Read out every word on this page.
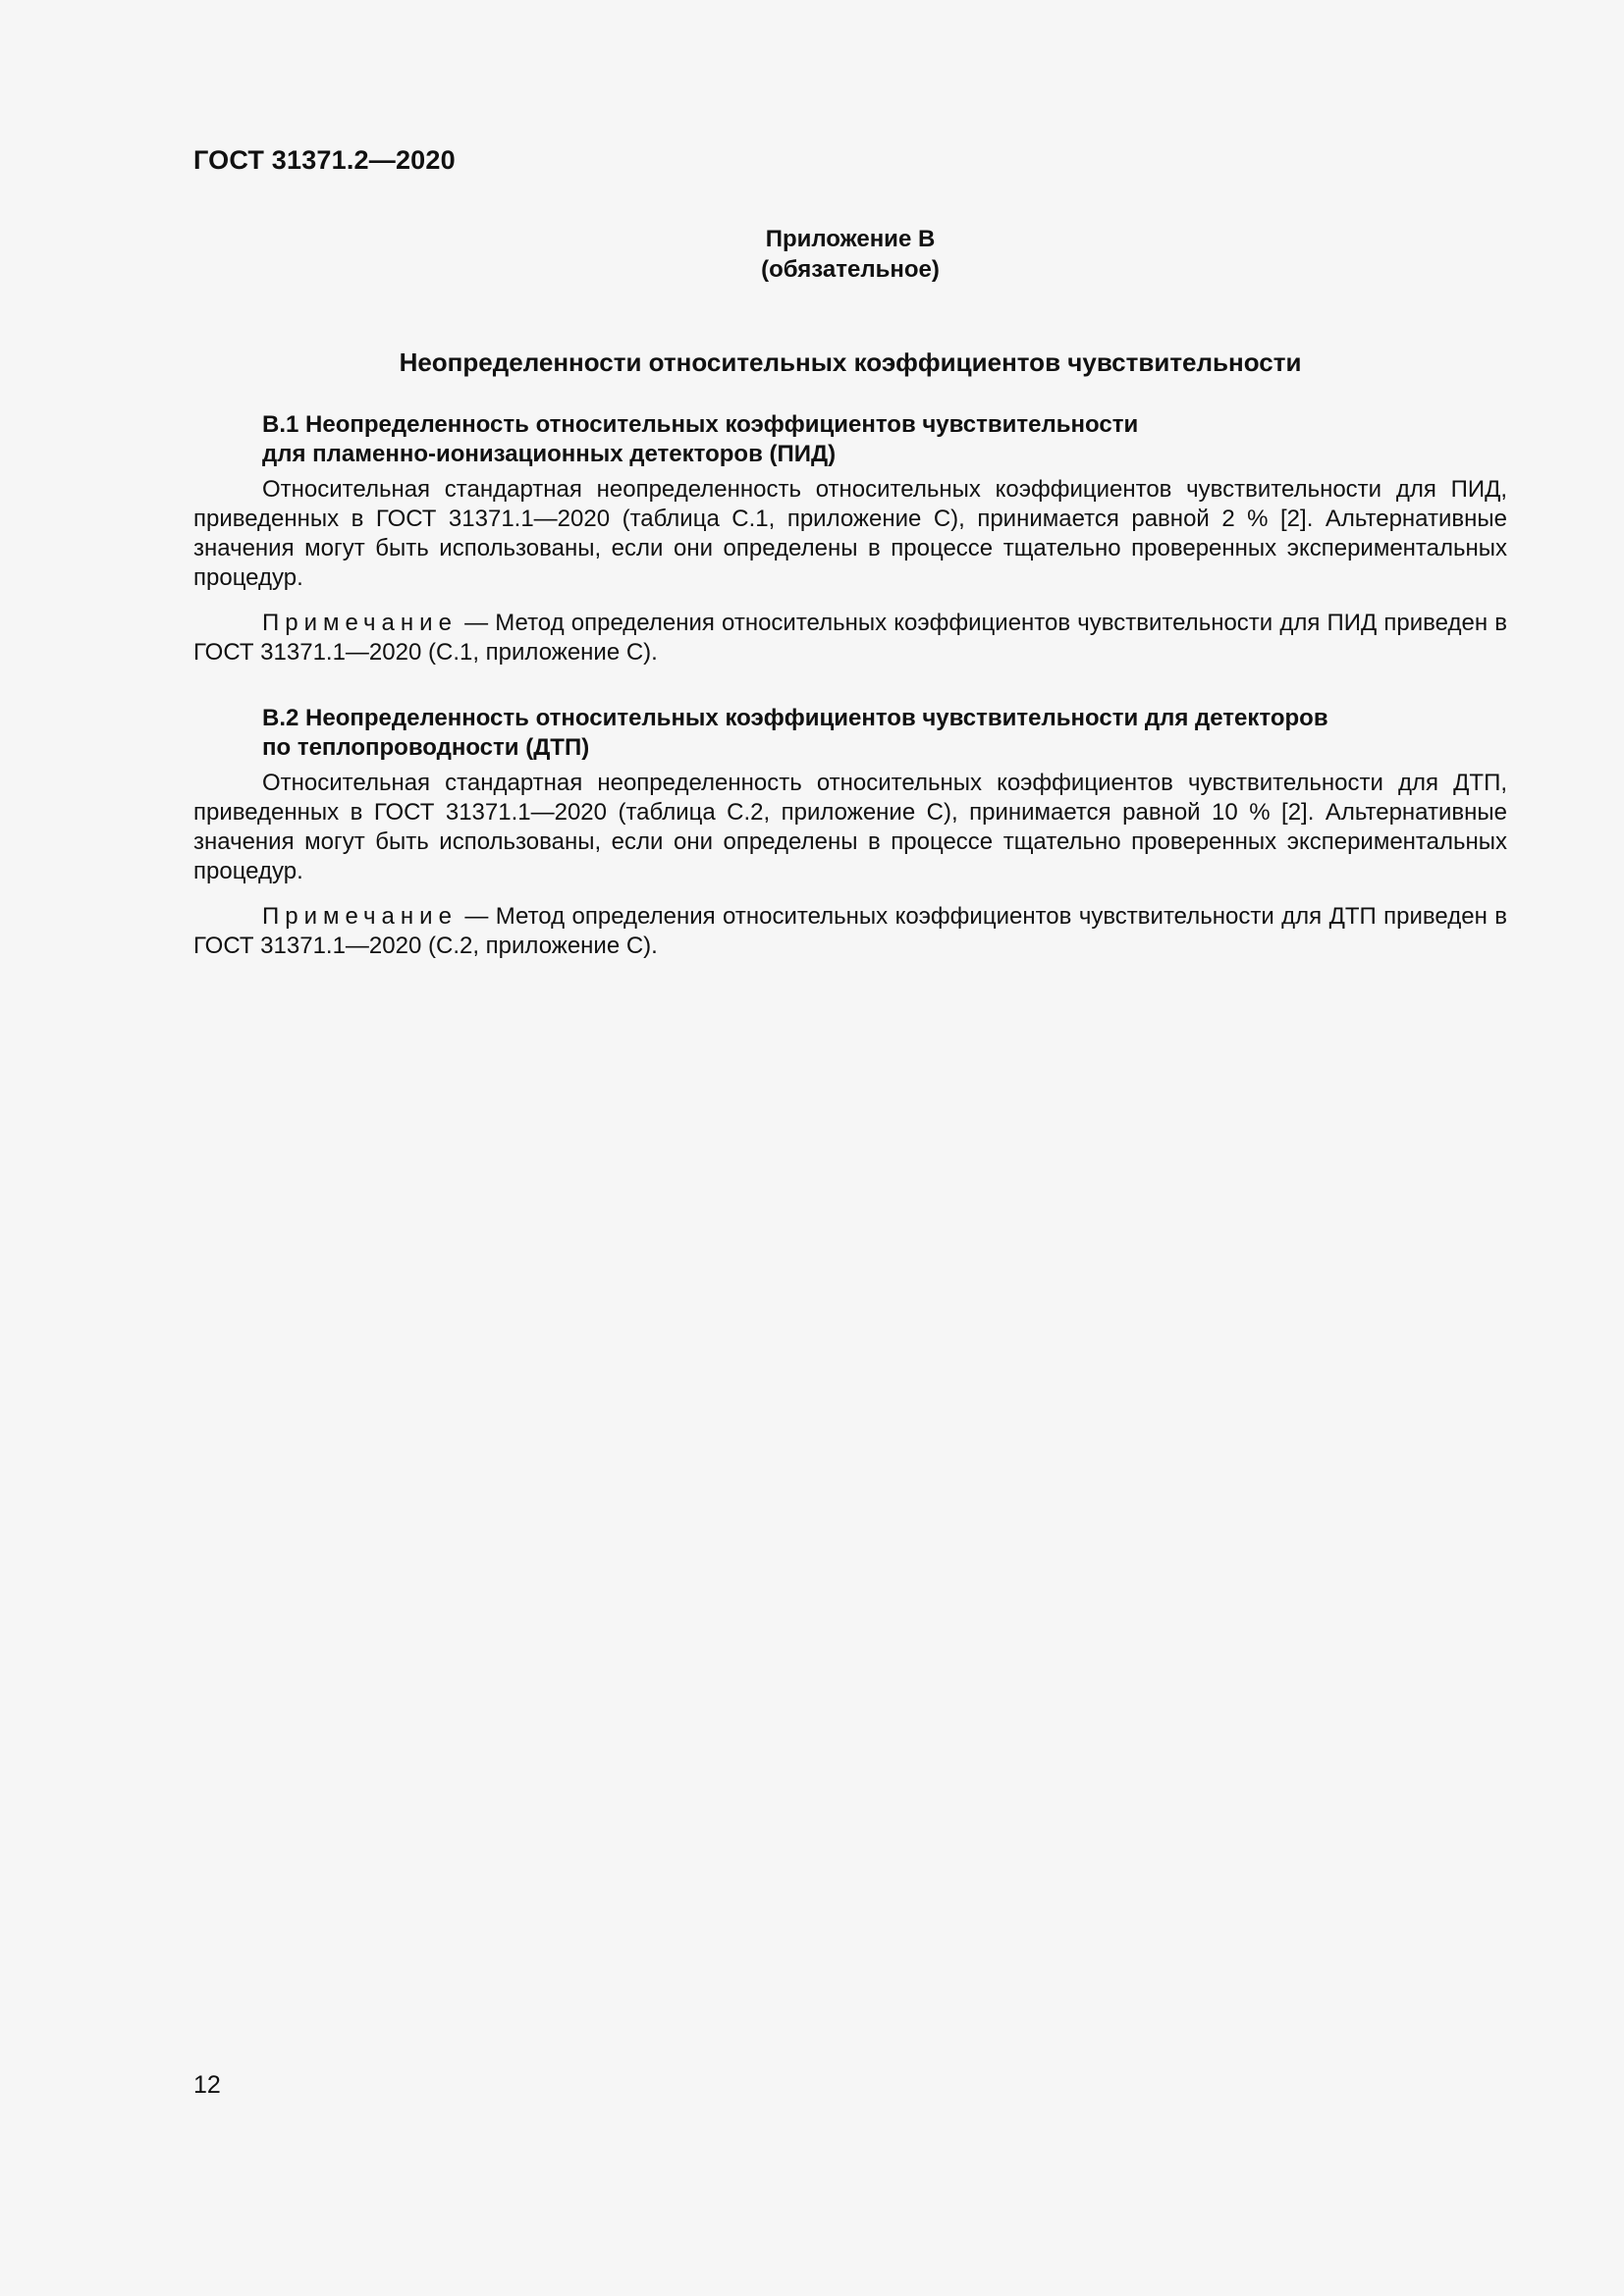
ГОСТ 31371.2—2020
Приложение В
(обязательное)
Неопределенности относительных коэффициентов чувствительности
В.1 Неопределенность относительных коэффициентов чувствительности
для пламенно-ионизационных детекторов (ПИД)

Относительная стандартная неопределенность относительных коэффициентов чувствительности для ПИД, приведенных в ГОСТ 31371.1—2020 (таблица С.1, приложение С), принимается равной 2 % [2]. Альтернативные значения могут быть использованы, если они определены в процессе тщательно проверенных экспериментальных процедур.

Примечание — Метод определения относительных коэффициентов чувствительности для ПИД приведен в ГОСТ 31371.1—2020 (С.1, приложение С).

В.2 Неопределенность относительных коэффициентов чувствительности для детекторов
по теплопроводности (ДТП)

Относительная стандартная неопределенность относительных коэффициентов чувствительности для ДТП, приведенных в ГОСТ 31371.1—2020 (таблица С.2, приложение С), принимается равной 10 % [2]. Альтернативные значения могут быть использованы, если они определены в процессе тщательно проверенных экспериментальных процедур.

Примечание — Метод определения относительных коэффициентов чувствительности для ДТП приведен в ГОСТ 31371.1—2020 (С.2, приложение С).

12
